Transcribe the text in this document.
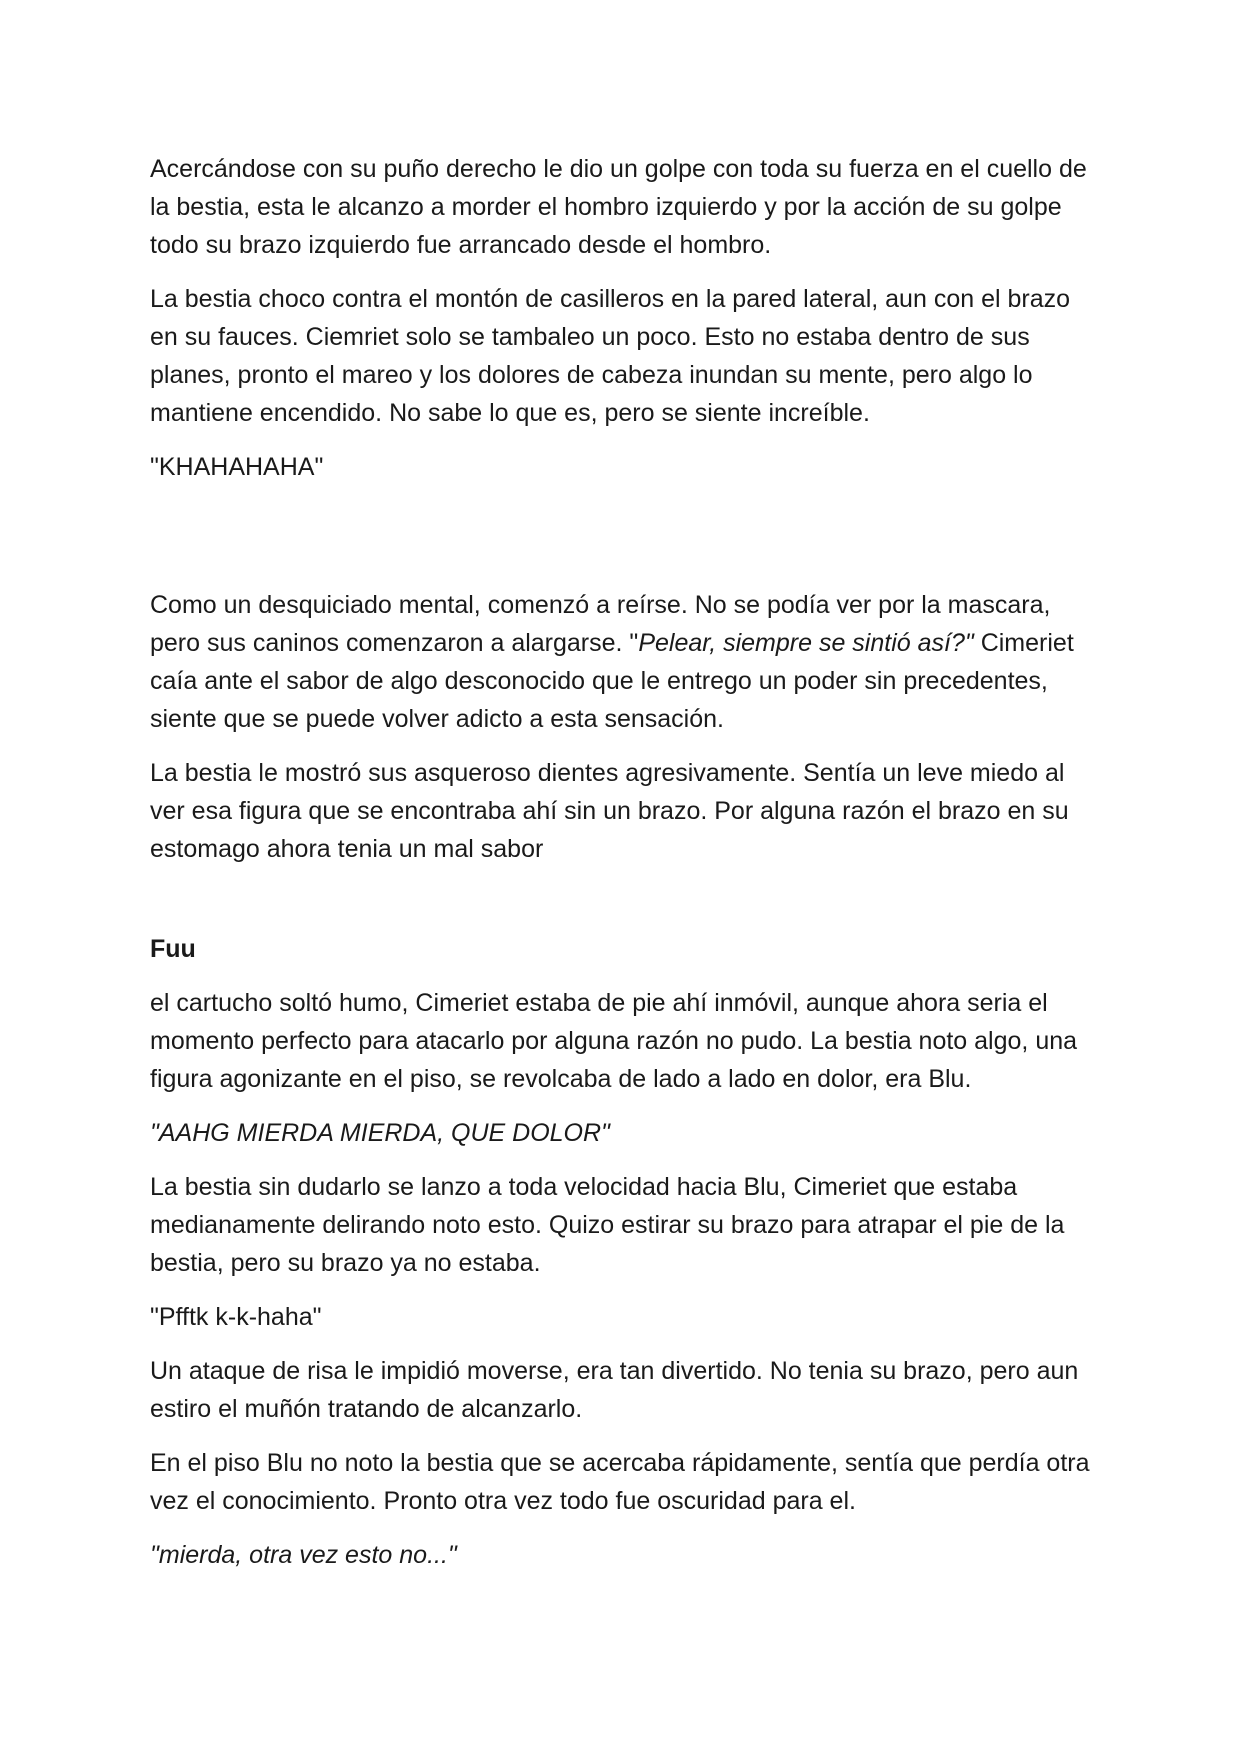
Acercándose con su puño derecho le dio un golpe con toda su fuerza en el cuello de la bestia, esta le alcanzo a morder el hombro izquierdo y por la acción de su golpe todo su brazo izquierdo fue arrancado desde el hombro.

La bestia choco contra el montón de casilleros en la pared lateral, aun con el brazo en su fauces. Ciemriet solo se tambaleo un poco. Esto no estaba dentro de sus planes, pronto el mareo y los dolores de cabeza inundan su mente, pero algo lo mantiene encendido. No sabe lo que es, pero se siente increíble.

"KHAHAHAHA"

Como un desquiciado mental, comenzó a reírse. No se podía ver por la mascara, pero sus caninos comenzaron a alargarse. "Pelear, siempre se sintió así?" Cimeriet caía ante el sabor de algo desconocido que le entrego un poder sin precedentes, siente que se puede volver adicto a esta sensación.

La bestia le mostró sus asqueroso dientes agresivamente. Sentía un leve miedo al ver esa figura que se encontraba ahí sin un brazo. Por alguna razón el brazo en su estomago ahora tenia un mal sabor

Fuu

el cartucho soltó humo, Cimeriet estaba de pie ahí inmóvil, aunque ahora seria el momento perfecto para atacarlo por alguna razón no pudo. La bestia noto algo, una figura agonizante en el piso, se revolcaba de lado a lado en dolor, era Blu.

"AAHG MIERDA MIERDA, QUE DOLOR"

La bestia sin dudarlo se lanzo a toda velocidad hacia Blu, Cimeriet que estaba medianamente delirando noto esto. Quizo estirar su brazo para atrapar el pie de la bestia, pero su brazo ya no estaba.

"Pfftk k-k-haha"

Un ataque de risa le impidió moverse, era tan divertido. No tenia su brazo, pero aun estiro el muñón tratando de alcanzarlo.

En el piso Blu no noto la bestia que se acercaba rápidamente, sentía que perdía otra vez el conocimiento. Pronto otra vez todo fue oscuridad para el.

"mierda, otra vez esto no..."
